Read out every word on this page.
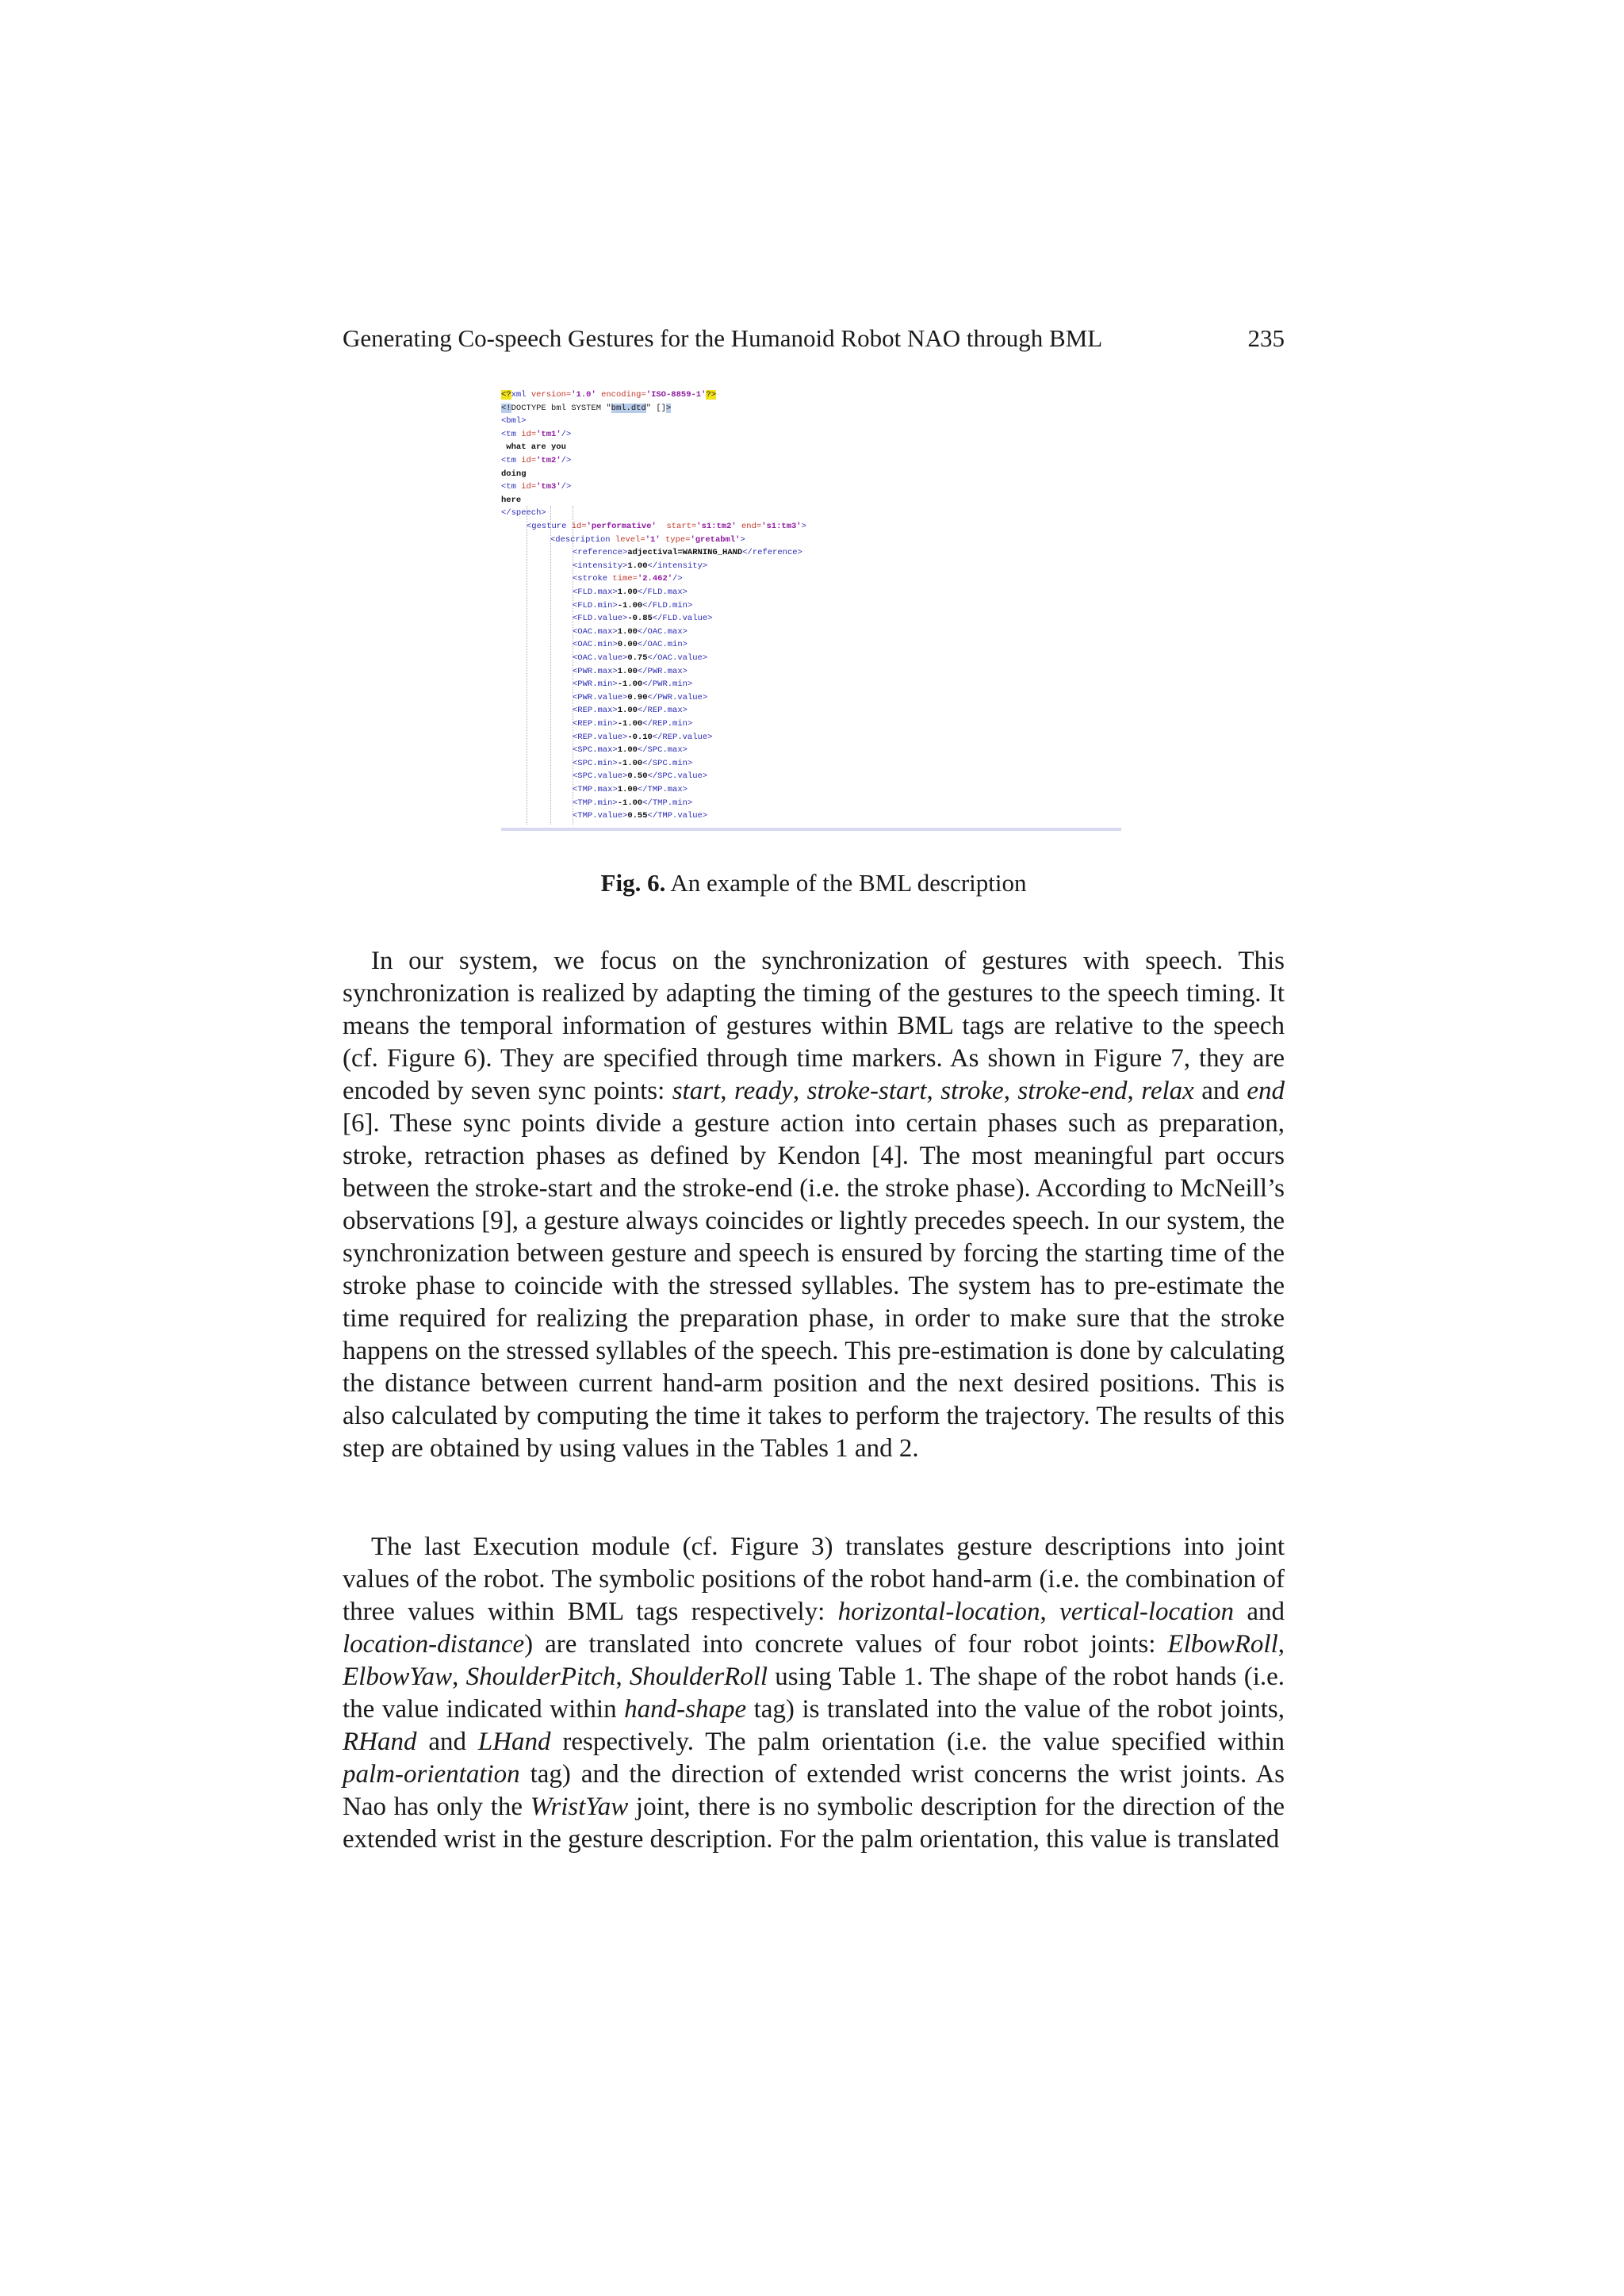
Generating Co-speech Gestures for the Humanoid Robot NAO through BML	235
<?xml version='1.0' encoding='ISO-8859-1'?>
<!DOCTYPE bml SYSTEM "bml.dtd" []>
<bml>
<tm id='tm1'/>
what are you
<tm id='tm2'/>
doing
<tm id='tm3'/>
here
</speech>
<gesture id='performative'  start='s1:tm2' end='s1:tm3'>
<description level='1' type='gretabml'>
<reference>adjectival=WARNING_HAND</reference>
<intensity>1.00</intensity>
<stroke time='2.462'/>
<FLD.max>1.00</FLD.max>
<FLD.min>-1.00</FLD.min>
<FLD.value>-0.85</FLD.value>
<OAC.max>1.00</OAC.max>
<OAC.min>0.00</OAC.min>
<OAC.value>0.75</OAC.value>
<PWR.max>1.00</PWR.max>
<PWR.min>-1.00</PWR.min>
<PWR.value>0.90</PWR.value>
<REP.max>1.00</REP.max>
<REP.min>-1.00</REP.min>
<REP.value>-0.10</REP.value>
<SPC.max>1.00</SPC.max>
<SPC.min>-1.00</SPC.min>
<SPC.value>0.50</SPC.value>
<TMP.max>1.00</TMP.max>
<TMP.min>-1.00</TMP.min>
<TMP.value>0.55</TMP.value>
Fig. 6. An example of the BML description

In our system, we focus on the synchronization of gestures with speech. This synchronization is realized by adapting the timing of the gestures to the speech timing. It means the temporal information of gestures within BML tags are relative to the speech (cf. Figure 6). They are specified through time markers. As shown in Figure 7, they are encoded by seven sync points: start, ready, stroke-start, stroke, stroke-end, relax and end [6]. These sync points divide a gesture action into certain phases such as preparation, stroke, retraction phases as defined by Kendon [4]. The most meaningful part occurs between the stroke-start and the stroke-end (i.e. the stroke phase). According to McNeill’s observations [9], a gesture always coincides or lightly precedes speech. In our system, the synchronization between gesture and speech is ensured by forcing the starting time of the stroke phase to coincide with the stressed syllables. The system has to pre-estimate the time required for realizing the preparation phase, in order to make sure that the stroke happens on the stressed syllables of the speech. This pre-estimation is done by calculating the distance between current hand-arm position and the next desired positions. This is also calculated by computing the time it takes to perform the trajectory. The results of this step are obtained by using values in the Tables 1 and 2.

The last Execution module (cf. Figure 3) translates gesture descriptions into joint values of the robot. The symbolic positions of the robot hand-arm (i.e. the combination of three values within BML tags respectively: horizontal-location, vertical-location and location-distance) are translated into concrete values of four robot joints: ElbowRoll, ElbowYaw, ShoulderPitch, ShoulderRoll using Table 1. The shape of the robot hands (i.e. the value indicated within hand-shape tag) is translated into the value of the robot joints, RHand and LHand respectively. The palm orientation (i.e. the value specified within palm-orientation tag) and the direction of extended wrist concerns the wrist joints. As Nao has only the WristYaw joint, there is no symbolic description for the direction of the extended wrist in the gesture description. For the palm orientation, this value is translated
